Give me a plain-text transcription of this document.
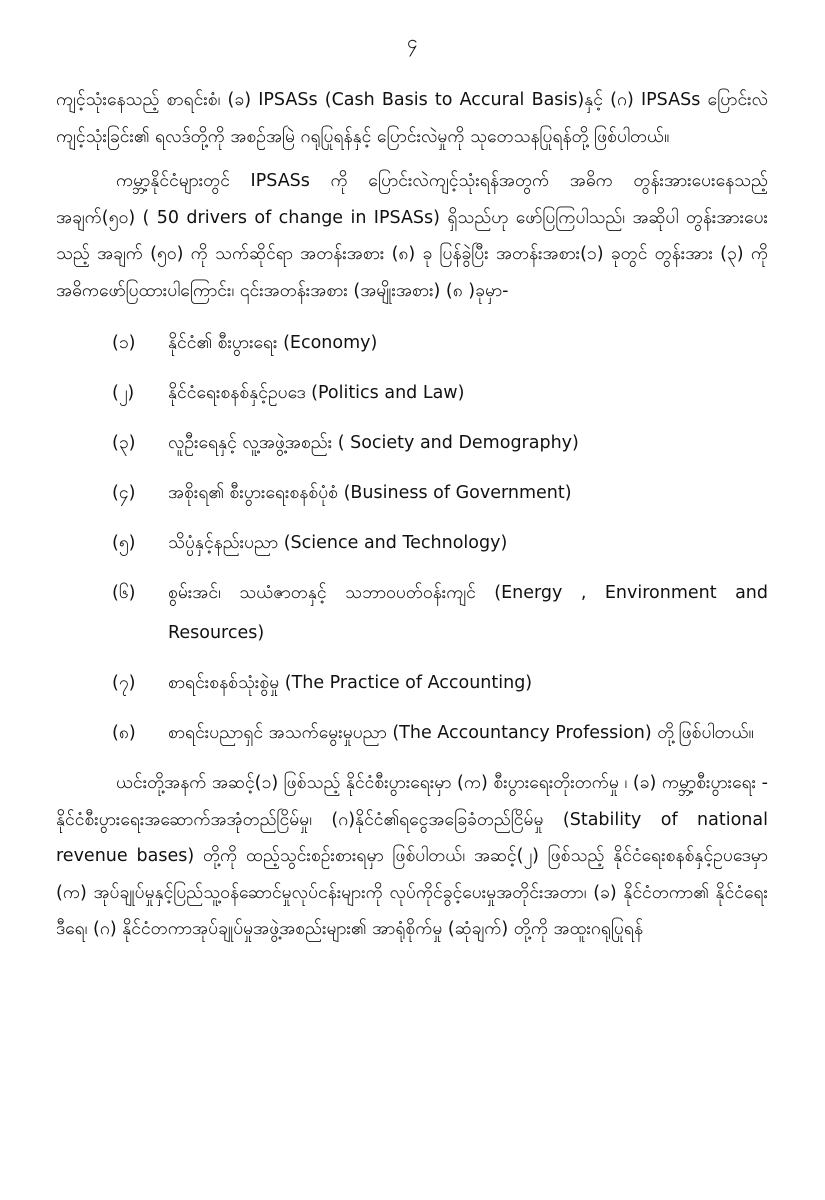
၄

ကျင့်သုံးနေသည့် စာရင်းစံ၊ (ခ) IPSASs (Cash Basis to Accural Basis)နှင့် (ဂ) IPSASs ပြောင်းလဲကျင့်သုံးခြင်း၏ ရလဒ်တို့ကို အစဉ်အမြဲ ဂရုပြုရန်နှင့် ပြောင်းလဲမှုကို သုတေသနပြုရန်တို့ ဖြစ်ပါတယ်။

ကမ္ဘာ့နိုင်ငံများတွင် IPSASs ကို ပြောင်းလဲကျင့်သုံးရန်အတွက် အဓိက တွန်းအားပေးနေသည့် အချက်(၅၀) ( 50 drivers of change in IPSASs) ရှိသည်ဟု ဖော်ပြကြပါသည်၊ အဆိုပါ တွန်းအားပေးသည့် အချက် (၅၀) ကို သက်ဆိုင်ရာ အတန်းအစား (၈) ခု ပြန်ခွဲပြီး အတန်းအစား(၁) ခုတွင် တွန်းအား (၃) ကို အဓိကဖော်ပြထားပါကြောင်း၊ ၎င်းအတန်းအစား (အမျိုးအစား) (၈ )ခုမှာ-

(၁)	နိုင်ငံ၏ စီးပွားရေး (Economy)
(၂)	နိုင်ငံရေးစနစ်နှင့်ဥပဒေ (Politics and Law)
(၃)	လူဦးရေနှင့် လူ့အဖွဲ့အစည်း ( Society and Demography)
(၄)	အစိုးရ၏ စီးပွားရေးစနစ်ပုံစံ (Business of Government)
(၅)	သိပ္ပံနှင့်နည်းပညာ (Science and Technology)
(၆)	စွမ်းအင်၊ သယံဇာတနှင့် သဘာဝပတ်ဝန်းကျင် (Energy , Environment and Resources)
(၇)	စာရင်းစနစ်သုံးစွဲမှု (The Practice of Accounting)
(၈)	စာရင်းပညာရှင် အသက်မွေးမှုပညာ (The Accountancy Profession) တို့ဖြစ်ပါတယ်။

ယင်းတို့အနက် အဆင့်(၁) ဖြစ်သည့် နိုင်ငံစီးပွားရေးမှာ (က) စီးပွားရေးတိုးတက်မှု ၊ (ခ) ကမ္ဘာ့စီးပွားရေး - နိုင်ငံစီးပွားရေးအဆောက်အအုံတည်ငြိမ်မှု၊ (ဂ)နိုင်ငံ၏ရငွေအခြေခံတည်ငြိမ်မှု (Stability of national revenue bases) တို့ကို ထည့်သွင်းစဉ်းစားရမှာ ဖြစ်ပါတယ်၊ အဆင့်(၂) ဖြစ်သည့် နိုင်ငံရေးစနစ်နှင့်ဥပဒေမှာ (က) အုပ်ချုပ်မှုနှင့်ပြည်သူ့ဝန်ဆောင်မှုလုပ်ငန်းများကို လုပ်ကိုင်ခွင့်ပေးမှုအတိုင်းအတာ၊ (ခ) နိုင်ငံတကာ၏ နိုင်ငံရေး ဒီရေ၊ (ဂ) နိုင်ငံတကာအုပ်ချုပ်မှုအဖွဲ့အစည်းများ၏ အာရုံစိုက်မှု (ဆုံချက်) တို့ကို အထူးဂရုပြုရန်
